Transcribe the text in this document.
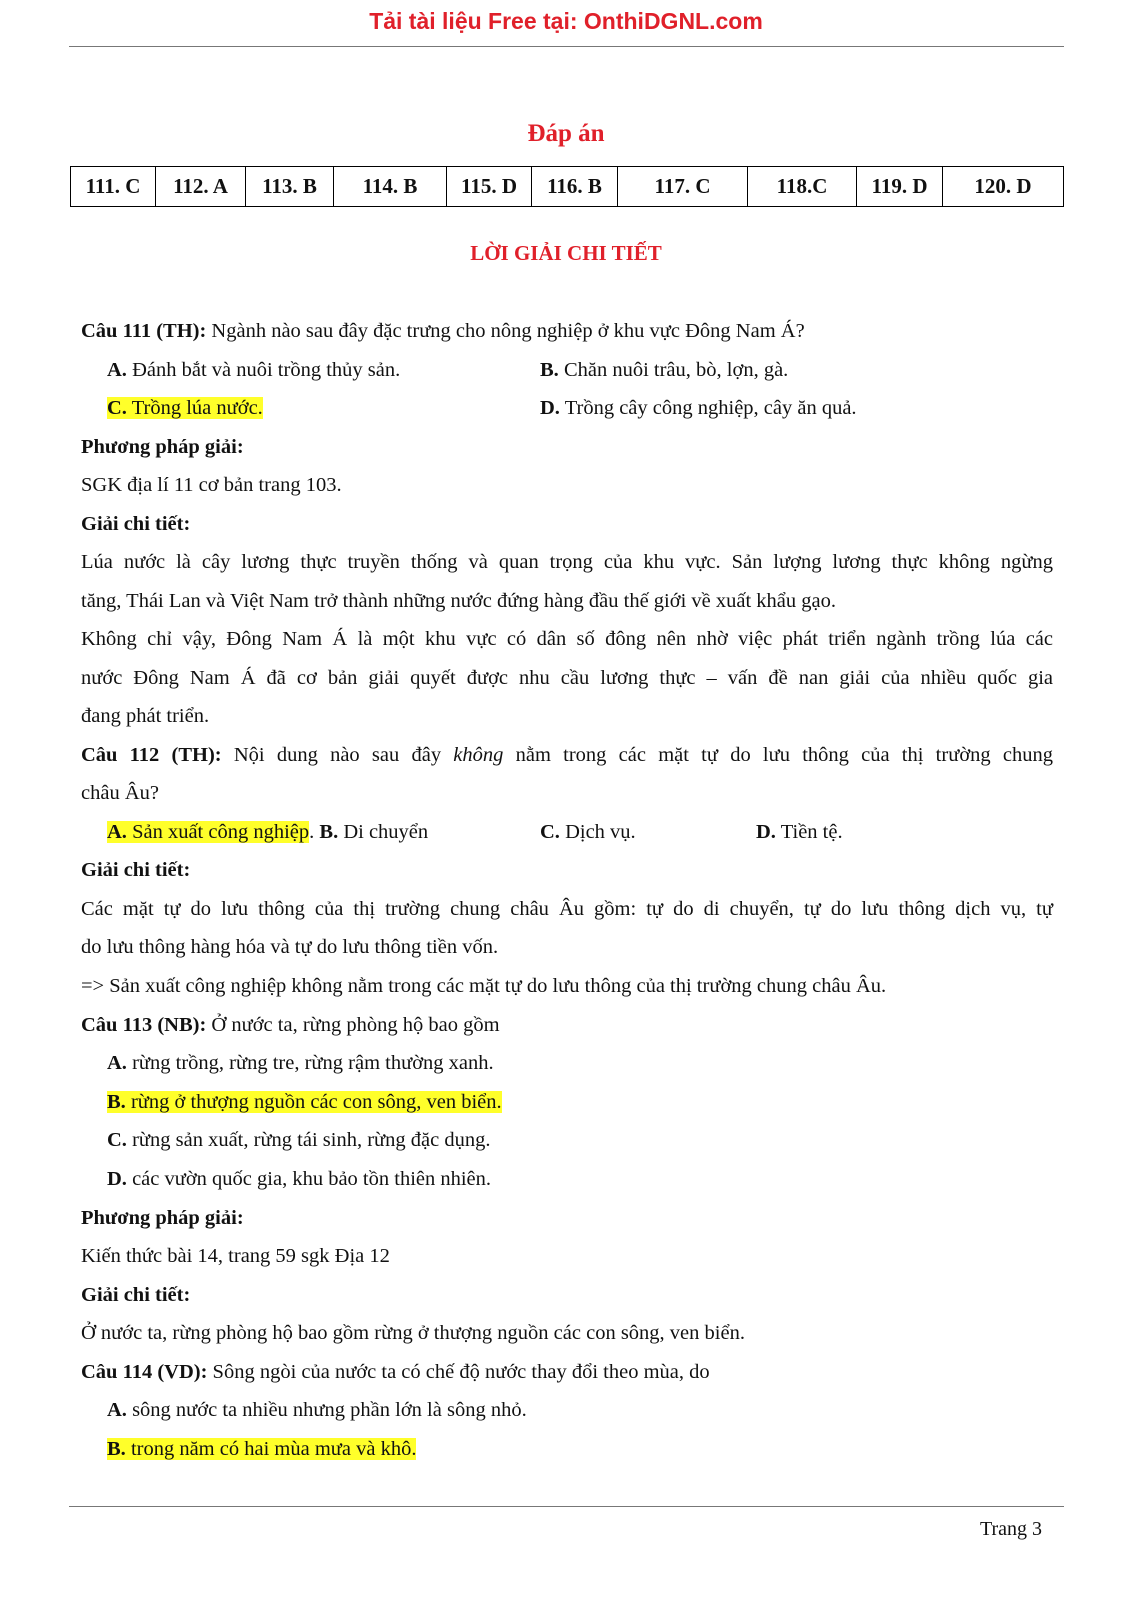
Tải tài liệu Free tại: OnthiDGNL.com
Đáp án
111. C	112. A	113. B	114. B	115. D	116. B	117. C	118.C	119. D	120. D
LỜI GIẢI CHI TIẾT
Câu 111 (TH): Ngành nào sau đây đặc trưng cho nông nghiệp ở khu vực Đông Nam Á?
A. Đánh bắt và nuôi trồng thủy sản.	B. Chăn nuôi trâu, bò, lợn, gà.
C. Trồng lúa nước.	D. Trồng cây công nghiệp, cây ăn quả.
Phương pháp giải:
SGK địa lí 11 cơ bản trang 103.
Giải chi tiết:
Lúa nước là cây lương thực truyền thống và quan trọng của khu vực. Sản lượng lương thực không ngừng
tăng, Thái Lan và Việt Nam trở thành những nước đứng hàng đầu thế giới về xuất khẩu gạo.
Không chỉ vậy, Đông Nam Á là một khu vực có dân số đông nên nhờ việc phát triển ngành trồng lúa các
nước Đông Nam Á đã cơ bản giải quyết được nhu cầu lương thực – vấn đề nan giải của nhiều quốc gia
đang phát triển.
Câu 112 (TH): Nội dung nào sau đây không nằm trong các mặt tự do lưu thông của thị trường chung
châu Âu?
A. Sản xuất công nghiệp. B. Di chuyển	C. Dịch vụ.	D. Tiền tệ.
Giải chi tiết:
Các mặt tự do lưu thông của thị trường chung châu Âu gồm: tự do di chuyển, tự do lưu thông dịch vụ, tự
do lưu thông hàng hóa và tự do lưu thông tiền vốn.
=> Sản xuất công nghiệp không nằm trong các mặt tự do lưu thông của thị trường chung châu Âu.
Câu 113 (NB): Ở nước ta, rừng phòng hộ bao gồm
A. rừng trồng, rừng tre, rừng rậm thường xanh.
B. rừng ở thượng nguồn các con sông, ven biển.
C. rừng sản xuất, rừng tái sinh, rừng đặc dụng.
D. các vườn quốc gia, khu bảo tồn thiên nhiên.
Phương pháp giải:
Kiến thức bài 14, trang 59 sgk Địa 12
Giải chi tiết:
Ở nước ta, rừng phòng hộ bao gồm rừng ở thượng nguồn các con sông, ven biển.
Câu 114 (VD): Sông ngòi của nước ta có chế độ nước thay đổi theo mùa, do
A. sông nước ta nhiều nhưng phần lớn là sông nhỏ.
B. trong năm có hai mùa mưa và khô.
Trang 3
